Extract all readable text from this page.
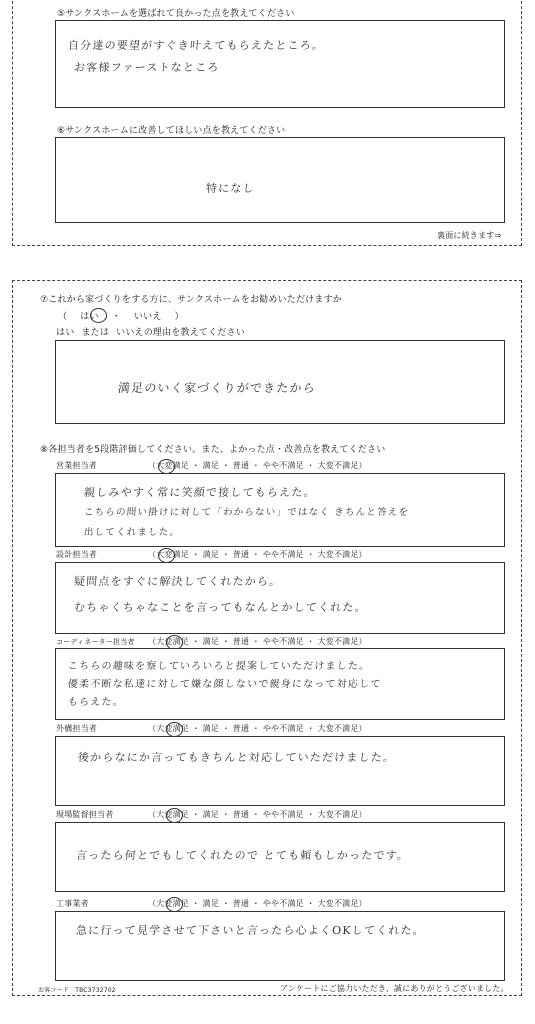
⑤サンクスホームを選ばれて良かった点を教えてください
自分達の要望がすぐき叶えてもらえたところ。
お客様ファーストなところ
⑥サンクスホームに改善してほしい点を教えてください
特になし
裏面に続きます⇒
⑦これから家づくりをする方に、サンクスホームをお勧めいただけますか
（ はい ・ いいえ ）
はい または いいえの理由を教えてください
満足のいく家づくりができたから
⑧各担当者を5段階評価してください。また、よかった点・改善点を教えてください
営業担当者	（大変満足 ・ 満足 ・ 普通 ・ やや不満足 ・ 大変不満足）
親しみやすく常に笑顔で接してもらえた。
こちらの問い掛けに対して「わからない」ではなく きちんと答えを
出してくれました。
設計担当者	（大変満足 ・ 満足 ・ 普通 ・ やや不満足 ・ 大変不満足）
疑問点をすぐに解決してくれたから。
むちゃくちゃなことを言ってもなんとかしてくれた。
コーディネーター担当者 （大変満足 ・ 満足 ・ 普通 ・ やや不満足 ・ 大変不満足）
こちらの趣味を察していろいろと提案していただけました。
優柔不断な私達に対して嫌な顔しないで親身になって対応して
もらえた。
外構担当者	（大変満足 ・ 満足 ・ 普通 ・ やや不満足 ・ 大変不満足）
後からなにか言ってもきちんと対応していただけました。
現場監督担当者	（大変満足 ・ 満足 ・ 普通 ・ やや不満足 ・ 大変不満足）
言ったら何とでもしてくれたので とても頼もしかったです。
工事業者	（大変満足 ・ 満足 ・ 普通 ・ やや不満足 ・ 大変不満足）
急に行って見学させて下さいと言ったら心よくOKしてくれた。
お客コード　TBC3732702	アンケートにご協力いただき、誠にありがとうございました。
